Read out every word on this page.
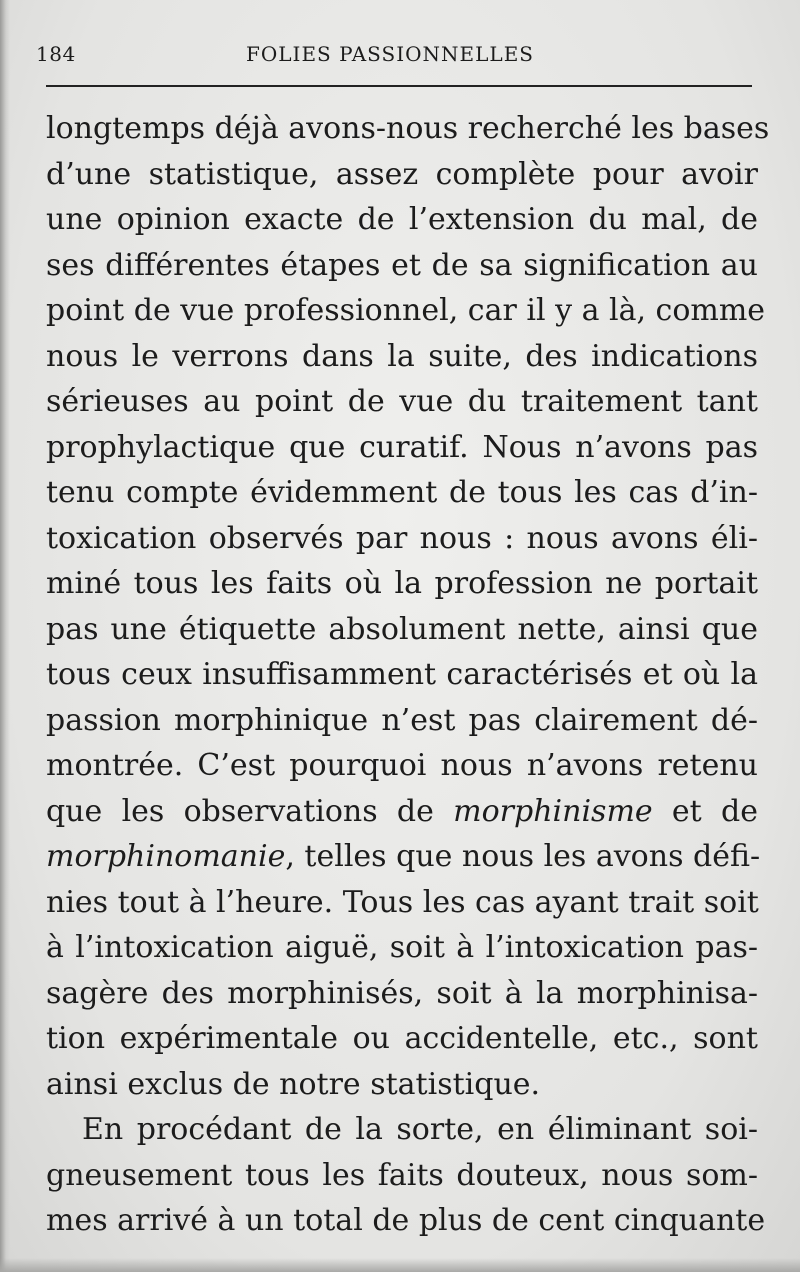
184	FOLIES PASSIONNELLES
longtemps déjà avons-nous recherché les bases
d’une statistique, assez complète pour avoir
une opinion exacte de l’extension du mal, de
ses différentes étapes et de sa signification au
point de vue professionnel, car il y a là, comme
nous le verrons dans la suite, des indications
sérieuses au point de vue du traitement tant
prophylactique que curatif. Nous n’avons pas
tenu compte évidemment de tous les cas d’in-
toxication observés par nous : nous avons éli-
miné tous les faits où la profession ne portait
pas une étiquette absolument nette, ainsi que
tous ceux insuffisamment caractérisés et où la
passion morphinique n’est pas clairement dé-
montrée. C’est pourquoi nous n’avons retenu
que les observations de morphinisme et de
morphinomanie, telles que nous les avons défi-
nies tout à l’heure. Tous les cas ayant trait soit
à l’intoxication aiguë, soit à l’intoxication pas-
sagère des morphinisés, soit à la morphinisa-
tion expérimentale ou accidentelle, etc., sont
ainsi exclus de notre statistique.
En procédant de la sorte, en éliminant soi-
gneusement tous les faits douteux, nous som-
mes arrivé à un total de plus de cent cinquante
